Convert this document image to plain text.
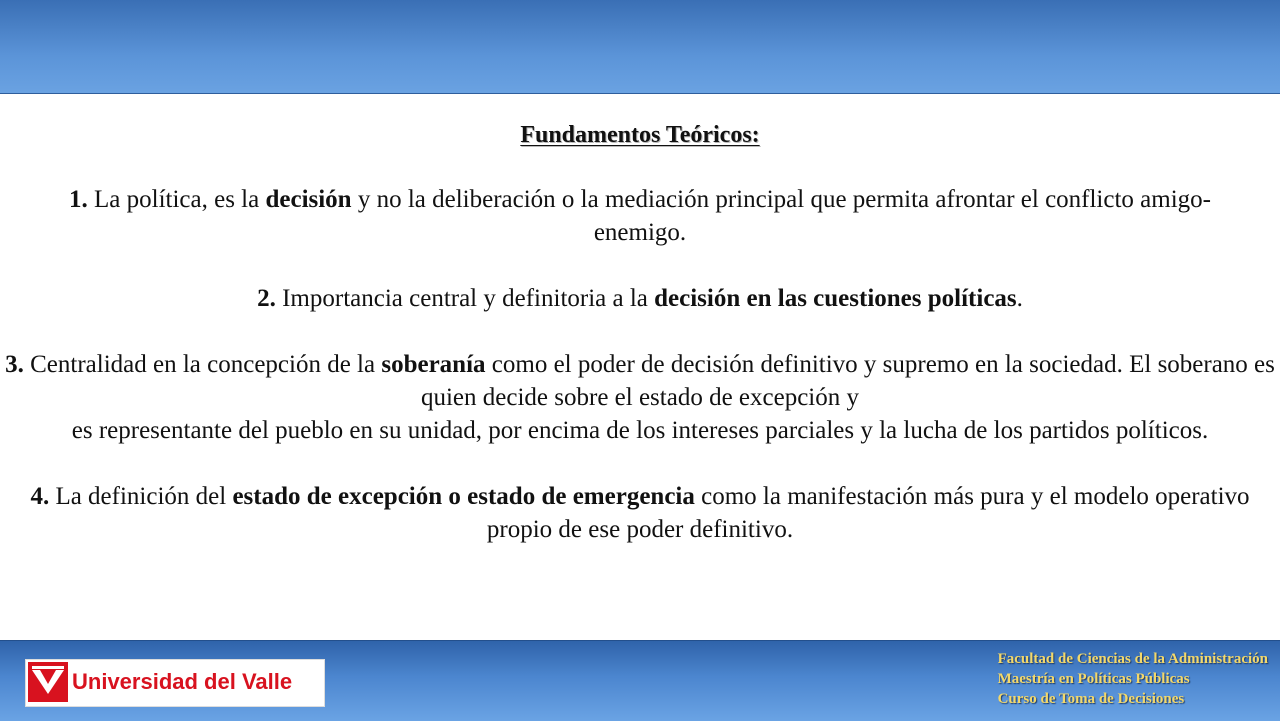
Fundamentos Teóricos:

1. La política, es la decisión y no la deliberación o la mediación principal que permita afrontar el conflicto amigo-enemigo.

2. Importancia central y definitoria a la decisión en las cuestiones políticas.

3. Centralidad en la concepción de la soberanía como el poder de decisión definitivo y supremo en la sociedad. El soberano es quien decide sobre el estado de excepción y

es representante del pueblo en su unidad, por encima de los intereses parciales y la lucha de los partidos políticos.

4. La definición del estado de excepción o estado de emergencia como la manifestación más pura y el modelo operativo propio de ese poder definitivo.

Universidad del Valle
Facultad de Ciencias de la Administración
Maestría en Políticas Públicas
Curso de Toma de Decisiones
